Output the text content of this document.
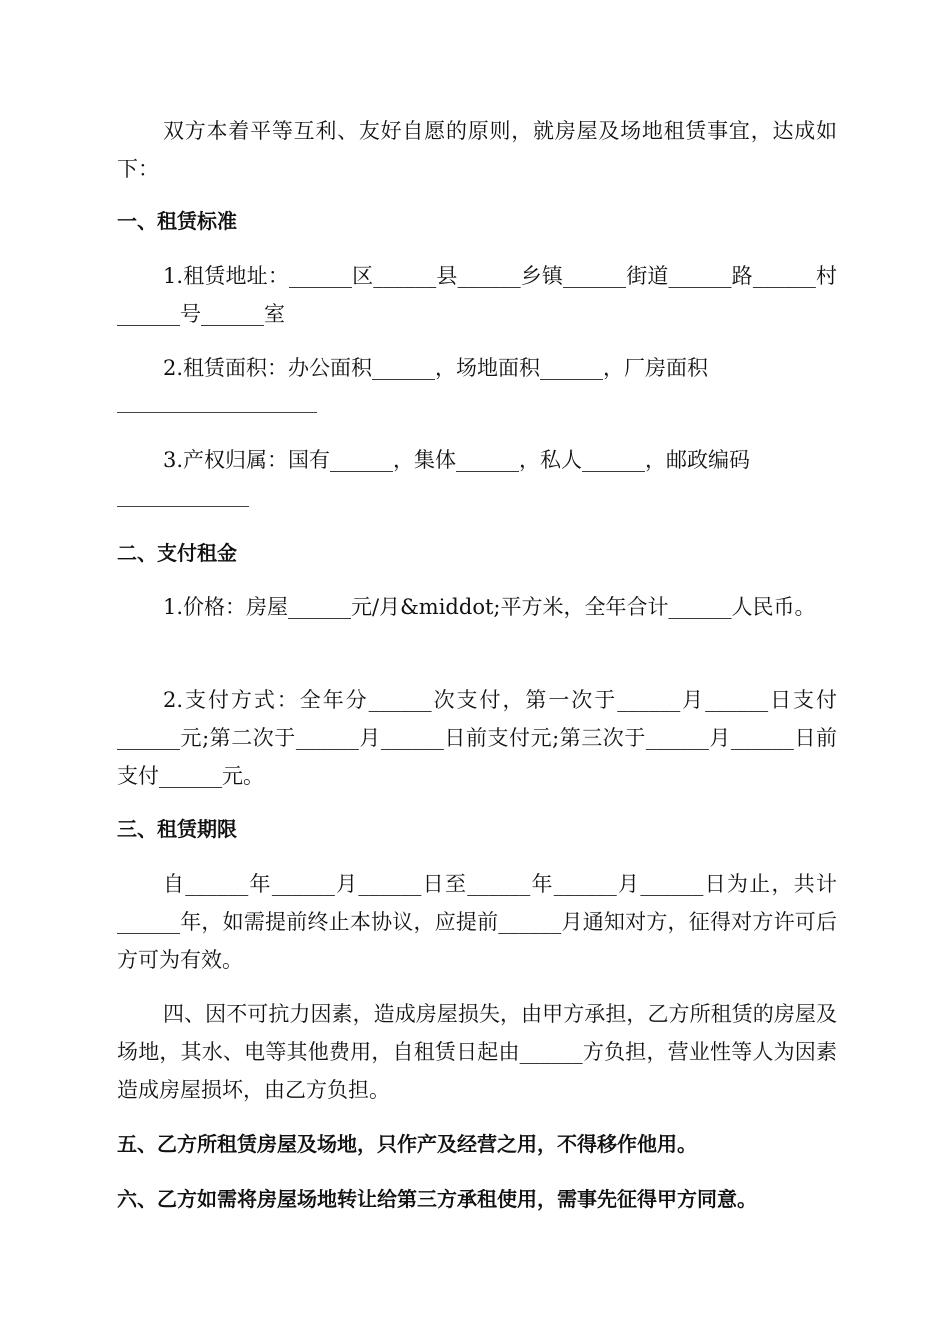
双方本着平等互利、友好自愿的原则，就房屋及场地租赁事宜，达成如下：

一、租赁标准

1.租赁地址：______区______县______乡镇______街道______路______村______号______室

2.租赁面积：办公面积______，场地面积______，厂房面积

3.产权归属：国有______，集体______，私人______，邮政编码

二、支付租金

1.价格：房屋______元/月&middot;平方米，全年合计______人民币。

2.支付方式：全年分______次支付，第一次于______月______日支付______元;第二次于______月______日前支付元;第三次于______月______日前支付______元。

三、租赁期限

自______年______月______日至______年______月______日为止，共计______年，如需提前终止本协议，应提前______月通知对方，征得对方许可后方可为有效。

四、因不可抗力因素，造成房屋损失，由甲方承担，乙方所租赁的房屋及场地，其水、电等其他费用，自租赁日起由______方负担，营业性等人为因素造成房屋损坏，由乙方负担。

五、乙方所租赁房屋及场地，只作产及经营之用，不得移作他用。
六、乙方如需将房屋场地转让给第三方承租使用，需事先征得甲方同意。
